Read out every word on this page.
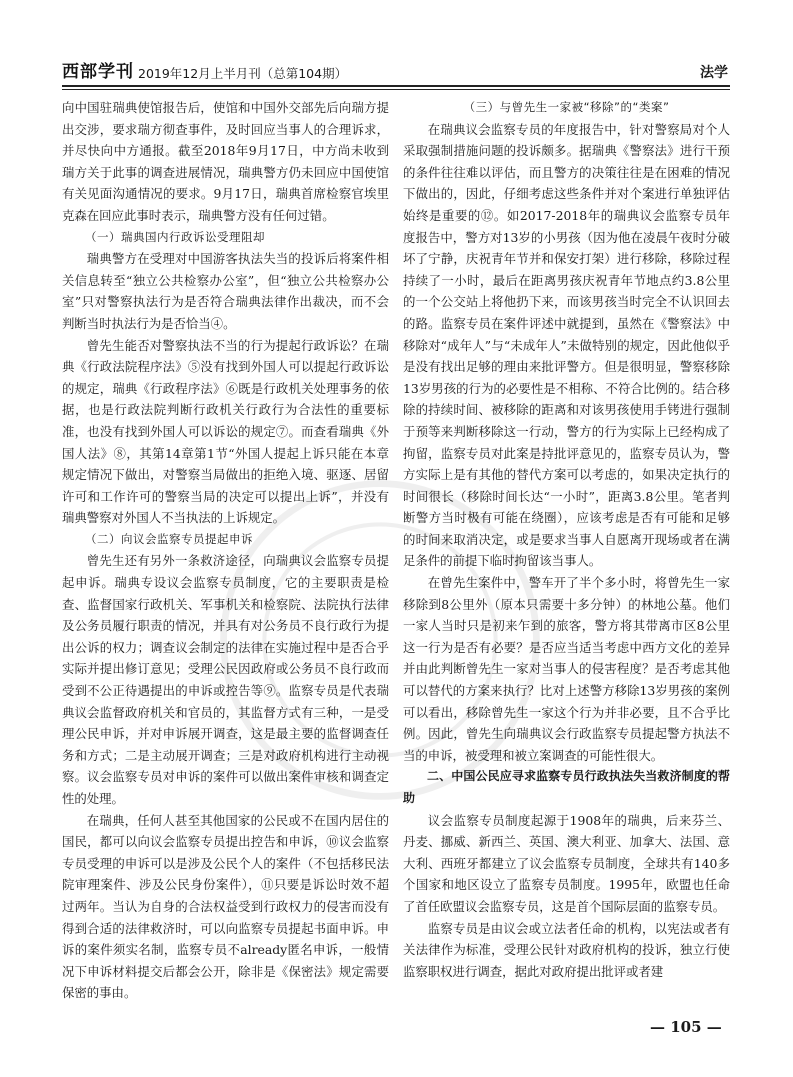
西部学刊 2019年12月上半月刊（总第104期）	法学

向中国驻瑞典使馆报告后，使馆和中国外交部先后向瑞方提出交涉，要求瑞方彻查事件，及时回应当事人的合理诉求，并尽快向中方通报。截至2018年9月17日，中方尚未收到瑞方关于此事的调查进展情况，瑞典警方仍未回应中国使馆有关见面沟通情况的要求。9月17日，瑞典首席检察官埃里克森在回应此事时表示，瑞典警方没有任何过错。

（一）瑞典国内行政诉讼受理阻却

瑞典警方在受理对中国游客执法失当的投诉后将案件相关信息转至“独立公共检察办公室”，但“独立公共检察办公室”只对警察执法行为是否符合瑞典法律作出裁决，而不会判断当时执法行为是否恰当④。

曾先生能否对警察执法不当的行为提起行政诉讼？在瑞典《行政法院程序法》⑤没有找到外国人可以提起行政诉讼的规定，瑞典《行政程序法》⑥既是行政机关处理事务的依据，也是行政法院判断行政机关行政行为合法性的重要标准，也没有找到外国人可以诉讼的规定⑦。而查看瑞典《外国人法》⑧，其第14章第1节“外国人提起上诉只能在本章规定情况下做出，对警察当局做出的拒绝入境、驱逐、居留许可和工作许可的警察当局的决定可以提出上诉”，并没有瑞典警察对外国人不当执法的上诉规定。

（二）向议会监察专员提起申诉

曾先生还有另外一条救济途径，向瑞典议会监察专员提起申诉。瑞典专设议会监察专员制度，它的主要职责是检查、监督国家行政机关、军事机关和检察院、法院执行法律及公务员履行职责的情况，并具有对公务员不良行政行为提出公诉的权力；调查议会制定的法律在实施过程中是否合乎实际并提出修订意见；受理公民因政府或公务员不良行政而受到不公正待遇提出的申诉或控告等⑨。监察专员是代表瑞典议会监督政府机关和官员的，其监督方式有三种，一是受理公民申诉，并对申诉展开调查，这是最主要的监督调查任务和方式；二是主动展开调查；三是对政府机构进行主动视察。议会监察专员对申诉的案件可以做出案件审核和调查定性的处理。

在瑞典，任何人甚至其他国家的公民或不在国内居住的国民，都可以向议会监察专员提出控告和申诉，⑩议会监察专员受理的申诉可以是涉及公民个人的案件（不包括移民法院审理案件、涉及公民身份案件），⑪只要是诉讼时效不超过两年。当认为自身的合法权益受到行政权力的侵害而没有得到合适的法律救济时，可以向监察专员提起书面申诉。申诉的案件须实名制，监察专员不already匿名申诉，一般情况下申诉材料提交后都会公开，除非是《保密法》规定需要保密的事由。

（三）与曾先生一家被“移除”的“类案”

在瑞典议会监察专员的年度报告中，针对警察局对个人采取强制措施问题的投诉颇多。据瑞典《警察法》进行干预的条件往往难以评估，而且警方的决策往往是在困难的情况下做出的，因此，仔细考虑这些条件并对个案进行单独评估始终是重要的⑫。如2017-2018年的瑞典议会监察专员年度报告中，警方对13岁的小男孩（因为他在凌晨午夜时分破坏了宁静，庆祝青年节并和保安打架）进行移除，移除过程持续了一小时，最后在距离男孩庆祝青年节地点约3.8公里的一个公交站上将他扔下来，而该男孩当时完全不认识回去的路。监察专员在案件评述中就提到，虽然在《警察法》中移除对“成年人”与“未成年人”未做特别的规定，因此他似乎是没有找出足够的理由来批评警方。但是很明显，警察移除13岁男孩的行为的必要性是不相称、不符合比例的。结合移除的持续时间、被移除的距离和对该男孩使用手铐进行强制于预等来判断移除这一行动，警方的行为实际上已经构成了拘留，监察专员对此案是持批评意见的，监察专员认为，警方实际上是有其他的替代方案可以考虑的，如果决定执行的时间很长（移除时间长达“一小时”，距离3.8公里。笔者判断警方当时极有可能在绕圈），应该考虑是否有可能和足够的时间来取消决定，或是要求当事人自愿离开现场或者在满足条件的前提下临时拘留该当事人。

在曾先生案件中，警车开了半个多小时，将曾先生一家移除到8公里外（原本只需要十多分钟）的林地公墓。他们一家人当时只是初来乍到的旅客，警方将其带离市区8公里这一行为是否有必要？是否应当适当考虑中西方文化的差异并由此判断曾先生一家对当事人的侵害程度？是否考虑其他可以替代的方案来执行？比对上述警方移除13岁男孩的案例可以看出，移除曾先生一家这个行为并非必要，且不合乎比例。因此，曾先生向瑞典议会行政监察专员提起警方执法不当的申诉，被受理和被立案调查的可能性很大。

二、中国公民应寻求监察专员行政执法失当救济制度的帮助

议会监察专员制度起源于1908年的瑞典，后来芬兰、丹麦、挪威、新西兰、英国、澳大利亚、加拿大、法国、意大利、西班牙都建立了议会监察专员制度，全球共有140多个国家和地区设立了监察专员制度。1995年，欧盟也任命了首任欧盟议会监察专员，这是首个国际层面的监察专员。

监察专员是由议会或立法者任命的机构，以宪法或者有关法律作为标准，受理公民针对政府机构的投诉，独立行使监察职权进行调查，据此对政府提出批评或者建

— 105 —
